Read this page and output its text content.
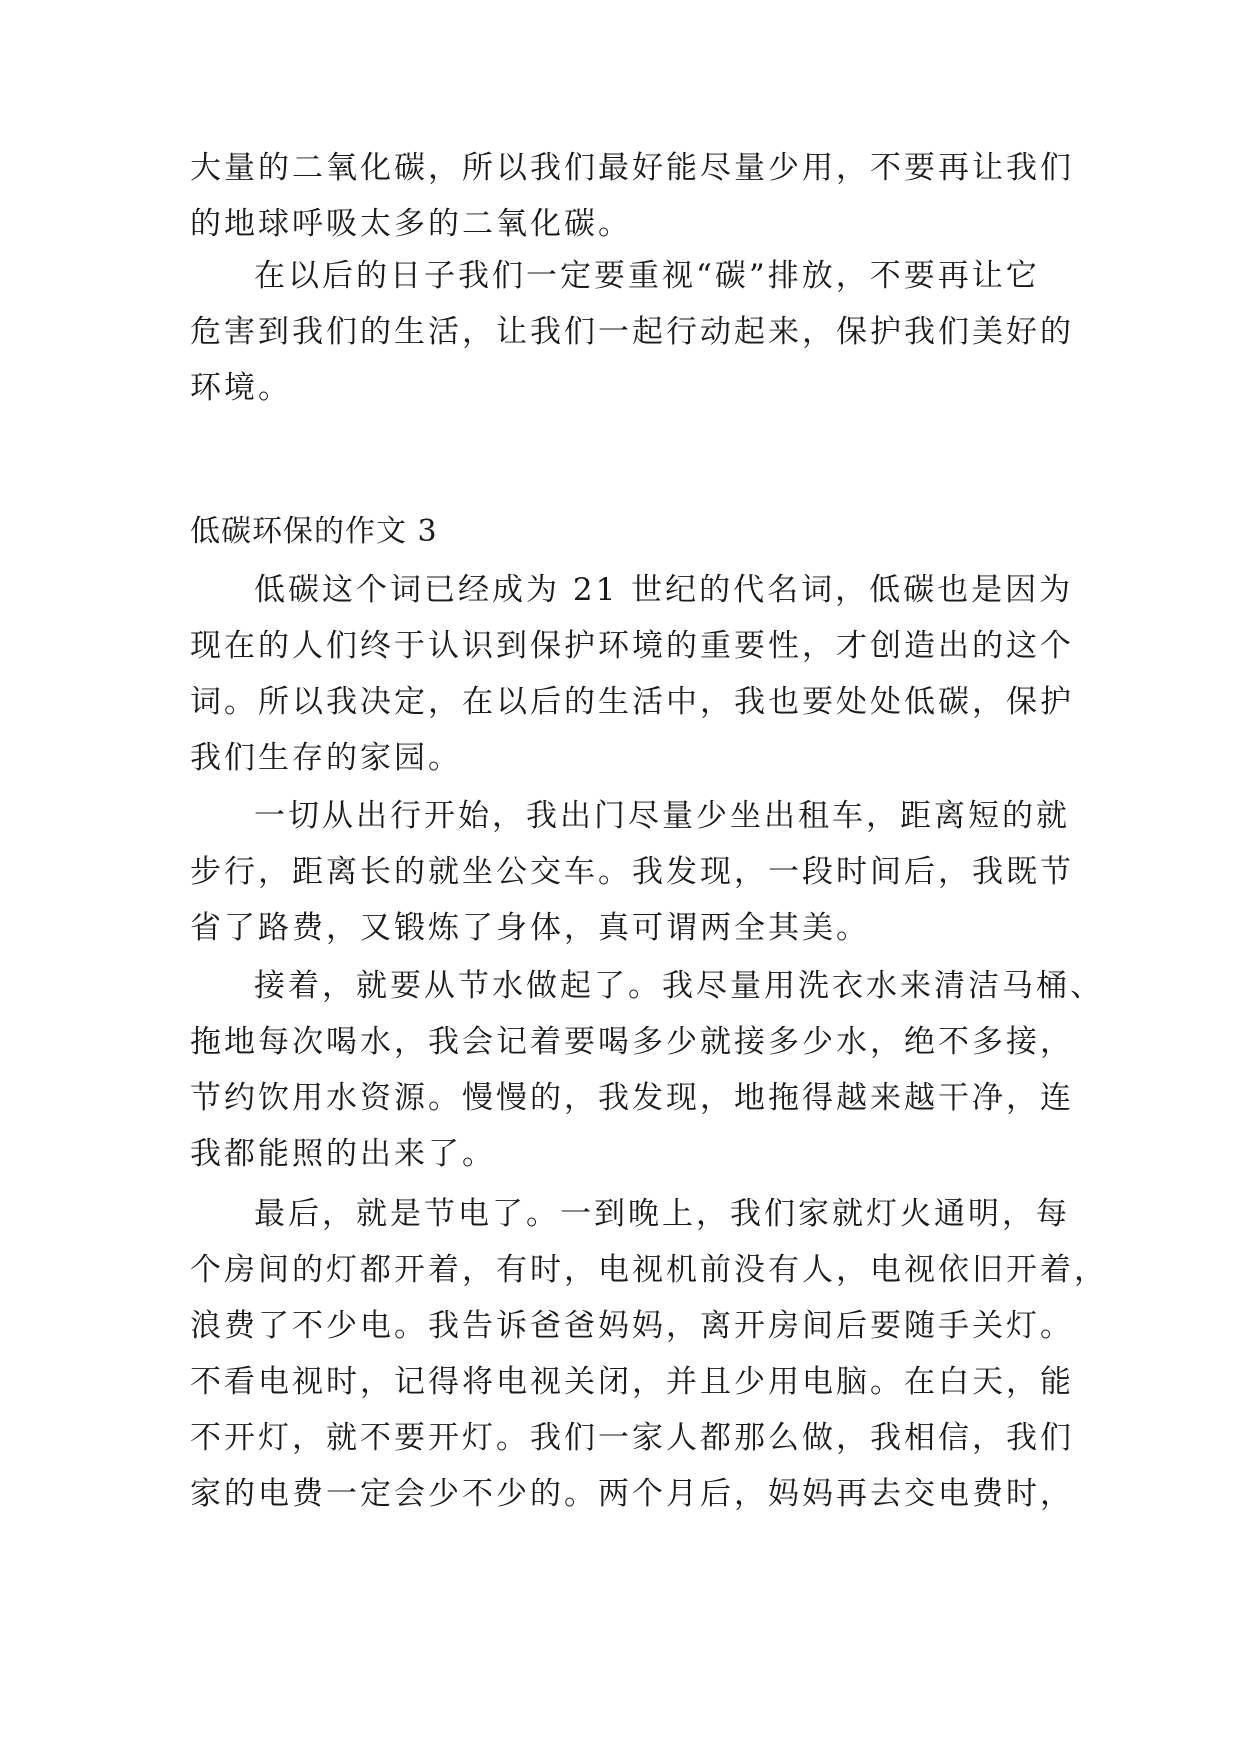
大量的二氧化碳，所以我们最好能尽量少用，不要再让我们
的地球呼吸太多的二氧化碳。
在以后的日子我们一定要重视“碳”排放，不要再让它
危害到我们的生活，让我们一起行动起来，保护我们美好的
环境。
低碳环保的作文 3
低碳这个词已经成为 21 世纪的代名词，低碳也是因为
现在的人们终于认识到保护环境的重要性，才创造出的这个
词。所以我决定，在以后的生活中，我也要处处低碳，保护
我们生存的家园。
一切从出行开始，我出门尽量少坐出租车，距离短的就
步行，距离长的就坐公交车。我发现，一段时间后，我既节
省了路费，又锻炼了身体，真可谓两全其美。
接着，就要从节水做起了。我尽量用洗衣水来清洁马桶、
拖地每次喝水，我会记着要喝多少就接多少水，绝不多接，
节约饮用水资源。慢慢的，我发现，地拖得越来越干净，连
我都能照的出来了。
最后，就是节电了。一到晚上，我们家就灯火通明，每
个房间的灯都开着，有时，电视机前没有人，电视依旧开着，
浪费了不少电。我告诉爸爸妈妈，离开房间后要随手关灯。
不看电视时，记得将电视关闭，并且少用电脑。在白天，能
不开灯，就不要开灯。我们一家人都那么做，我相信，我们
家的电费一定会少不少的。两个月后，妈妈再去交电费时，
